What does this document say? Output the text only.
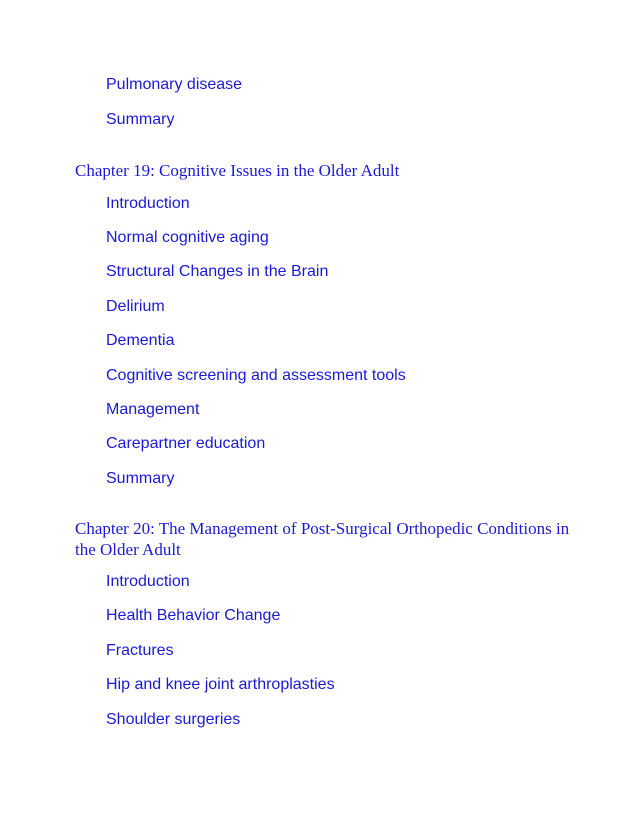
Pulmonary disease
Summary
Chapter 19: Cognitive Issues in the Older Adult
Introduction
Normal cognitive aging
Structural Changes in the Brain
Delirium
Dementia
Cognitive screening and assessment tools
Management
Carepartner education
Summary
Chapter 20: The Management of Post-Surgical Orthopedic Conditions in the Older Adult
Introduction
Health Behavior Change
Fractures
Hip and knee joint arthroplasties
Shoulder surgeries
